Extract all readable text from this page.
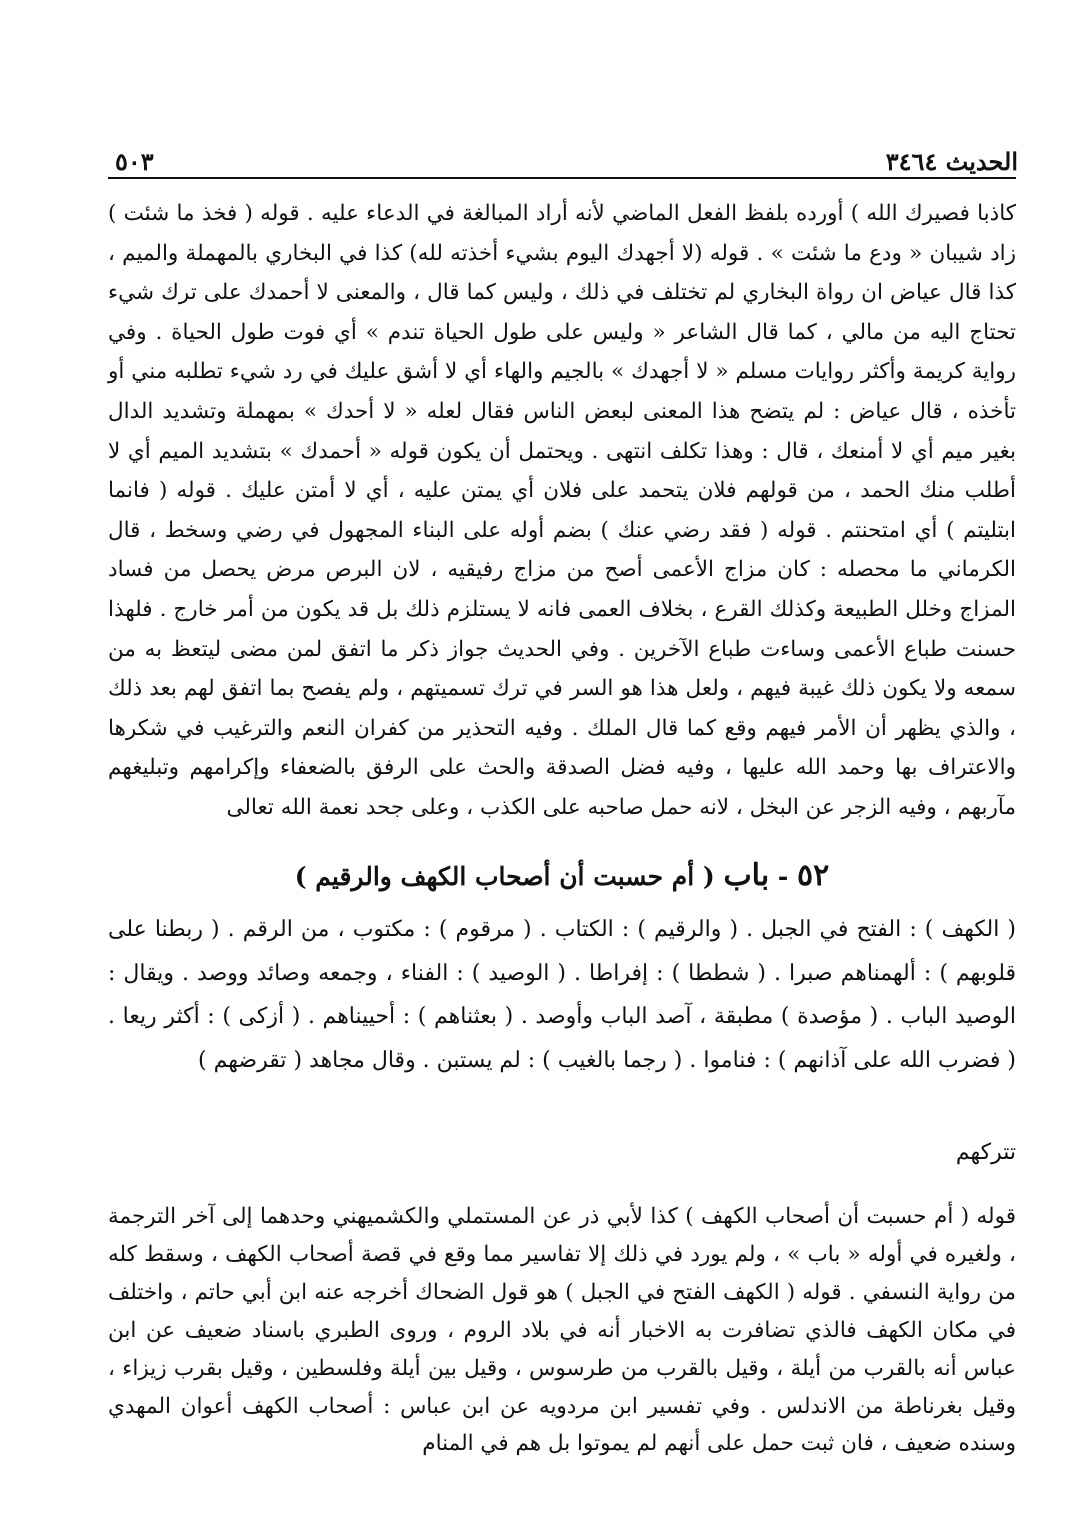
الحديث ٣٤٦٤
٥٠٣

كاذبا فصيرك الله ) أورده بلفظ الفعل الماضي لأنه أراد المبالغة في الدعاء عليه . قوله ( فخذ ما شئت ) زاد شيبان « ودع ما شئت » . قوله (لا أجهدك اليوم بشيء أخذته لله) كذا في البخاري بالمهملة والميم ، كذا قال عياض ان رواة البخاري لم تختلف في ذلك ، وليس كما قال ، والمعنى لا أحمدك على ترك شيء تحتاج اليه من مالي ، كما قال الشاعر « وليس على طول الحياة تندم » أي فوت طول الحياة . وفي رواية كريمة وأكثر روايات مسلم « لا أجهدك » بالجيم والهاء أي لا أشق عليك في رد شيء تطلبه مني أو تأخذه ، قال عياض : لم يتضح هذا المعنى لبعض الناس فقال لعله « لا أحدك » بمهملة وتشديد الدال بغير ميم أي لا أمنعك ، قال : وهذا تكلف انتهى . ويحتمل أن يكون قوله « أحمدك » بتشديد الميم أي لا أطلب منك الحمد ، من قولهم فلان يتحمد على فلان أي يمتن عليه ، أي لا أمتن عليك . قوله ( فانما ابتليتم ) أي امتحنتم . قوله ( فقد رضي عنك ) بضم أوله على البناء المجهول في رضي وسخط ، قال الكرماني ما محصله : كان مزاج الأعمى أصح من مزاج رفيقيه ، لان البرص مرض يحصل من فساد المزاج وخلل الطبيعة وكذلك القرع ، بخلاف العمى فانه لا يستلزم ذلك بل قد يكون من أمر خارج . فلهذا حسنت طباع الأعمى وساءت طباع الآخرين . وفي الحديث جواز ذكر ما اتفق لمن مضى ليتعظ به من سمعه ولا يكون ذلك غيبة فيهم ، ولعل هذا هو السر في ترك تسميتهم ، ولم يفصح بما اتفق لهم بعد ذلك ، والذي يظهر أن الأمر فيهم وقع كما قال الملك . وفيه التحذير من كفران النعم والترغيب في شكرها والاعتراف بها وحمد الله عليها ، وفيه فضل الصدقة والحث على الرفق بالضعفاء وإكرامهم وتبليغهم مآربهم ، وفيه الزجر عن البخل ، لانه حمل صاحبه على الكذب ، وعلى جحد نعمة الله تعالى

٥٢ - باب ( أم حسبت أن أصحاب الكهف والرقيم )

( الكهف ) : الفتح في الجبل . ( والرقيم ) : الكتاب . ( مرقوم ) : مكتوب ، من الرقم . ( ربطنا على قلوبهم ) : ألهمناهم صبرا . ( شططا ) : إفراطا . ( الوصيد ) : الفناء ، وجمعه وصائد ووصد . ويقال : الوصيد الباب . ( مؤصدة ) مطبقة ، آصد الباب وأوصد . ( بعثناهم ) : أحييناهم . ( أزكى ) : أكثر ريعا . ( فضرب الله على آذانهم ) : فناموا . ( رجما بالغيب ) : لم يستبن . وقال مجاهد ( تقرضهم )

تتركهم

قوله ( أم حسبت أن أصحاب الكهف ) كذا لأبي ذر عن المستملي والكشميهني وحدهما إلى آخر الترجمة ، ولغيره في أوله « باب » ، ولم يورد في ذلك إلا تفاسير مما وقع في قصة أصحاب الكهف ، وسقط كله من رواية النسفي . قوله ( الكهف الفتح في الجبل ) هو قول الضحاك أخرجه عنه ابن أبي حاتم ، واختلف في مكان الكهف فالذي تضافرت به الاخبار أنه في بلاد الروم ، وروى الطبري باسناد ضعيف عن ابن عباس أنه بالقرب من أيلة ، وقيل بالقرب من طرسوس ، وقيل بين أيلة وفلسطين ، وقيل بقرب زيزاء ، وقيل بغرناطة من الاندلس . وفي تفسير ابن مردويه عن ابن عباس : أصحاب الكهف أعوان المهدي وسنده ضعيف ، فان ثبت حمل على أنهم لم يموتوا بل هم في المنام
